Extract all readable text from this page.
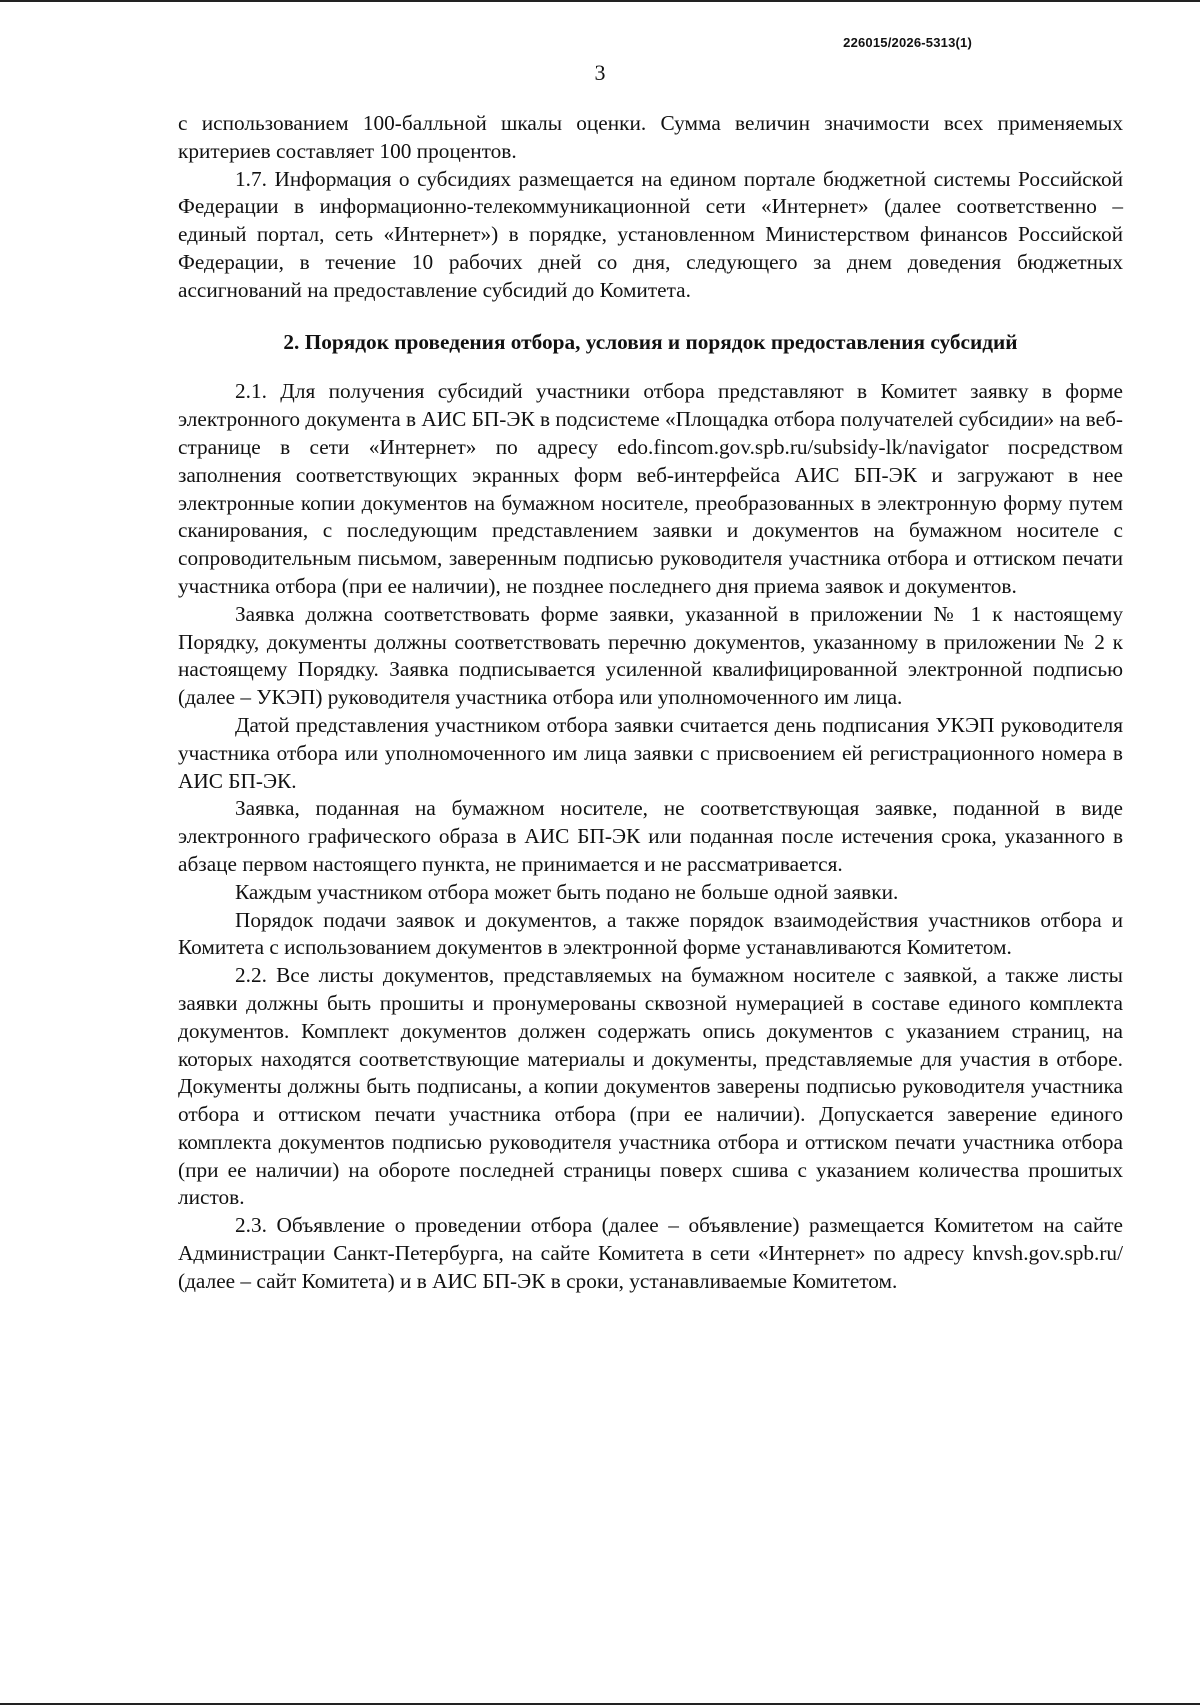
226015/2026-5313(1)
3

с использованием 100-балльной шкалы оценки. Сумма величин значимости всех применяемых критериев составляет 100 процентов.

1.7. Информация о субсидиях размещается на едином портале бюджетной системы Российской Федерации в информационно-телекоммуникационной сети «Интернет» (далее соответственно – единый портал, сеть «Интернет») в порядке, установленном Министерством финансов Российской Федерации, в течение 10 рабочих дней со дня, следующего за днем доведения бюджетных ассигнований на предоставление субсидий до Комитета.

2. Порядок проведения отбора, условия и порядок предоставления субсидий

2.1. Для получения субсидий участники отбора представляют в Комитет заявку в форме электронного документа в АИС БП-ЭК в подсистеме «Площадка отбора получателей субсидии» на веб-странице в сети «Интернет» по адресу edo.fincom.gov.spb.ru/subsidy-lk/navigator посредством заполнения соответствующих экранных форм веб-интерфейса АИС БП-ЭК и загружают в нее электронные копии документов на бумажном носителе, преобразованных в электронную форму путем сканирования, с последующим представлением заявки и документов на бумажном носителе с сопроводительным письмом, заверенным подписью руководителя участника отбора и оттиском печати участника отбора (при ее наличии), не позднее последнего дня приема заявок и документов.

Заявка должна соответствовать форме заявки, указанной в приложении № 1 к настоящему Порядку, документы должны соответствовать перечню документов, указанному в приложении № 2 к настоящему Порядку. Заявка подписывается усиленной квалифицированной электронной подписью (далее – УКЭП) руководителя участника отбора или уполномоченного им лица.

Датой представления участником отбора заявки считается день подписания УКЭП руководителя участника отбора или уполномоченного им лица заявки с присвоением ей регистрационного номера в АИС БП-ЭК.

Заявка, поданная на бумажном носителе, не соответствующая заявке, поданной в виде электронного графического образа в АИС БП-ЭК или поданная после истечения срока, указанного в абзаце первом настоящего пункта, не принимается и не рассматривается.

Каждым участником отбора может быть подано не больше одной заявки.

Порядок подачи заявок и документов, а также порядок взаимодействия участников отбора и Комитета с использованием документов в электронной форме устанавливаются Комитетом.

2.2. Все листы документов, представляемых на бумажном носителе с заявкой, а также листы заявки должны быть прошиты и пронумерованы сквозной нумерацией в составе единого комплекта документов. Комплект документов должен содержать опись документов с указанием страниц, на которых находятся соответствующие материалы и документы, представляемые для участия в отборе. Документы должны быть подписаны, а копии документов заверены подписью руководителя участника отбора и оттиском печати участника отбора (при ее наличии). Допускается заверение единого комплекта документов подписью руководителя участника отбора и оттиском печати участника отбора (при ее наличии) на обороте последней страницы поверх сшива с указанием количества прошитых листов.

2.3. Объявление о проведении отбора (далее – объявление) размещается Комитетом на сайте Администрации Санкт-Петербурга, на сайте Комитета в сети «Интернет» по адресу knvsh.gov.spb.ru/ (далее – сайт Комитета) и в АИС БП-ЭК в сроки, устанавливаемые Комитетом.
